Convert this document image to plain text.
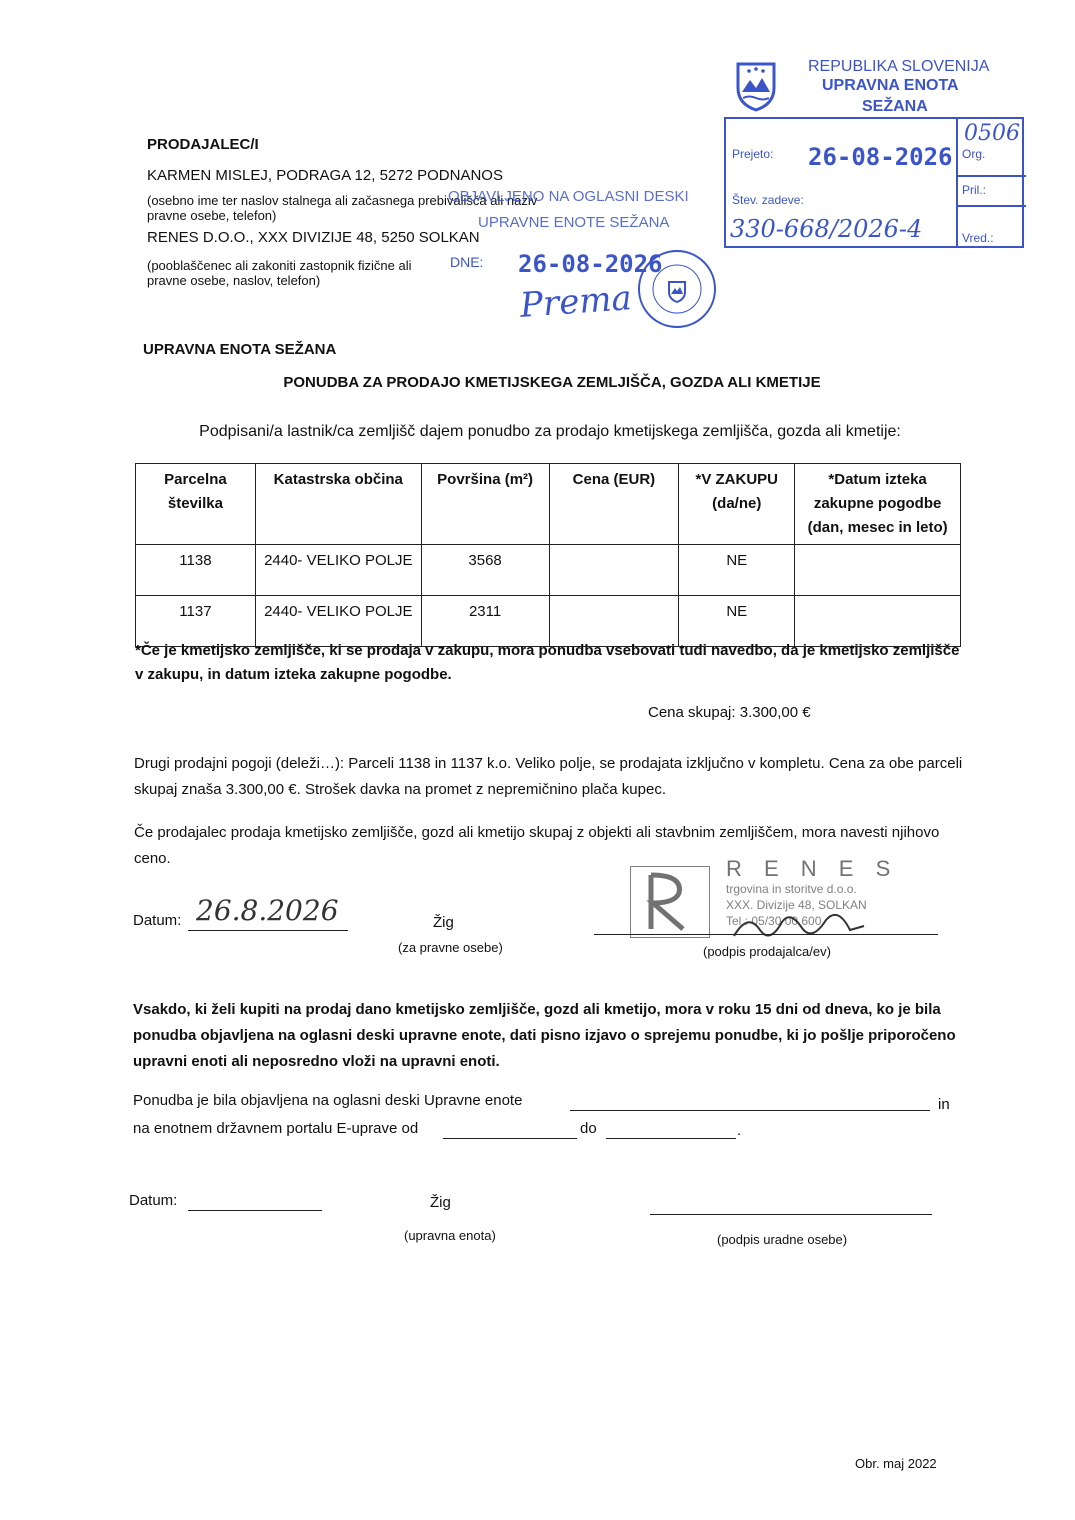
REPUBLIKA SLOVENIJA
UPRAVNA ENOTA
SEŽANA
Prejeto: 26-08-2026 Org.
0506
Štev. zadeve:
330-668/2026-4
Pril.:
Vred.:
PRODAJALEC/I
KARMEN MISLEJ, PODRAGA 12, 5272 PODNANOS
(osebno ime ter naslov stalnega ali začasnega prebivališča ali naziv pravne osebe, telefon)
RENES D.O.O., XXX DIVIZIJE 48, 5250 SOLKAN
(pooblaščenec ali zakoniti zastopnik fizične ali pravne osebe, naslov, telefon)
OBJAVLJENO NA OGLASNI DESKI
UPRAVNE ENOTE SEŽANA
DNE: 26-08-2026
Prema
UPRAVNA ENOTA SEŽANA
PONUDBA ZA PRODAJO KMETIJSKEGA ZEMLJIŠČA, GOZDA ALI KMETIJE
Podpisani/a lastnik/ca zemljišč dajem ponudbo za prodajo kmetijskega zemljišča, gozda ali kmetije:
Parcelna številka	Katastrska občina	Površina (m²)	Cena (EUR)	*V ZAKUPU (da/ne)	*Datum izteka zakupne pogodbe (dan, mesec in leto)
1138	2440- VELIKO POLJE	3568		NE	
1137	2440- VELIKO POLJE	2311		NE	
*Če je kmetijsko zemljišče, ki se prodaja v zakupu, mora ponudba vsebovati tudi navedbo, da je kmetijsko zemljišče v zakupu, in datum izteka zakupne pogodbe.
Cena skupaj: 3.300,00 €
Drugi prodajni pogoji (deleži…): Parceli 1138 in 1137 k.o. Veliko polje, se prodajata izključno v kompletu. Cena za obe parceli skupaj znaša 3.300,00 €. Strošek davka na promet z nepremičnino plača kupec.
Če prodajalec prodaja kmetijsko zemljišče, gozd ali kmetijo skupaj z objekti ali stavbnim zemljiščem, mora navesti njihovo ceno.
Datum: 26.8.2026	Žig
(za pravne osebe)
R E N E S
trgovina in storitve d.o.o.
XXX. Divizije 48, SOLKAN
Tel.: 05/30 00 600
(podpis prodajalca/ev)
Vsakdo, ki želi kupiti na prodaj dano kmetijsko zemljišče, gozd ali kmetijo, mora v roku 15 dni od dneva, ko je bila ponudba objavljena na oglasni deski upravne enote, dati pisno izjavo o sprejemu ponudbe, ki jo pošlje priporočeno upravni enoti ali neposredno vloži na upravni enoti.
Ponudba je bila objavljena na oglasni deski Upravne enote	in
na enotnem državnem portalu E-uprave od	do	.
Datum:	Žig
(upravna enota)	(podpis uradne osebe)
Obr. maj 2022
